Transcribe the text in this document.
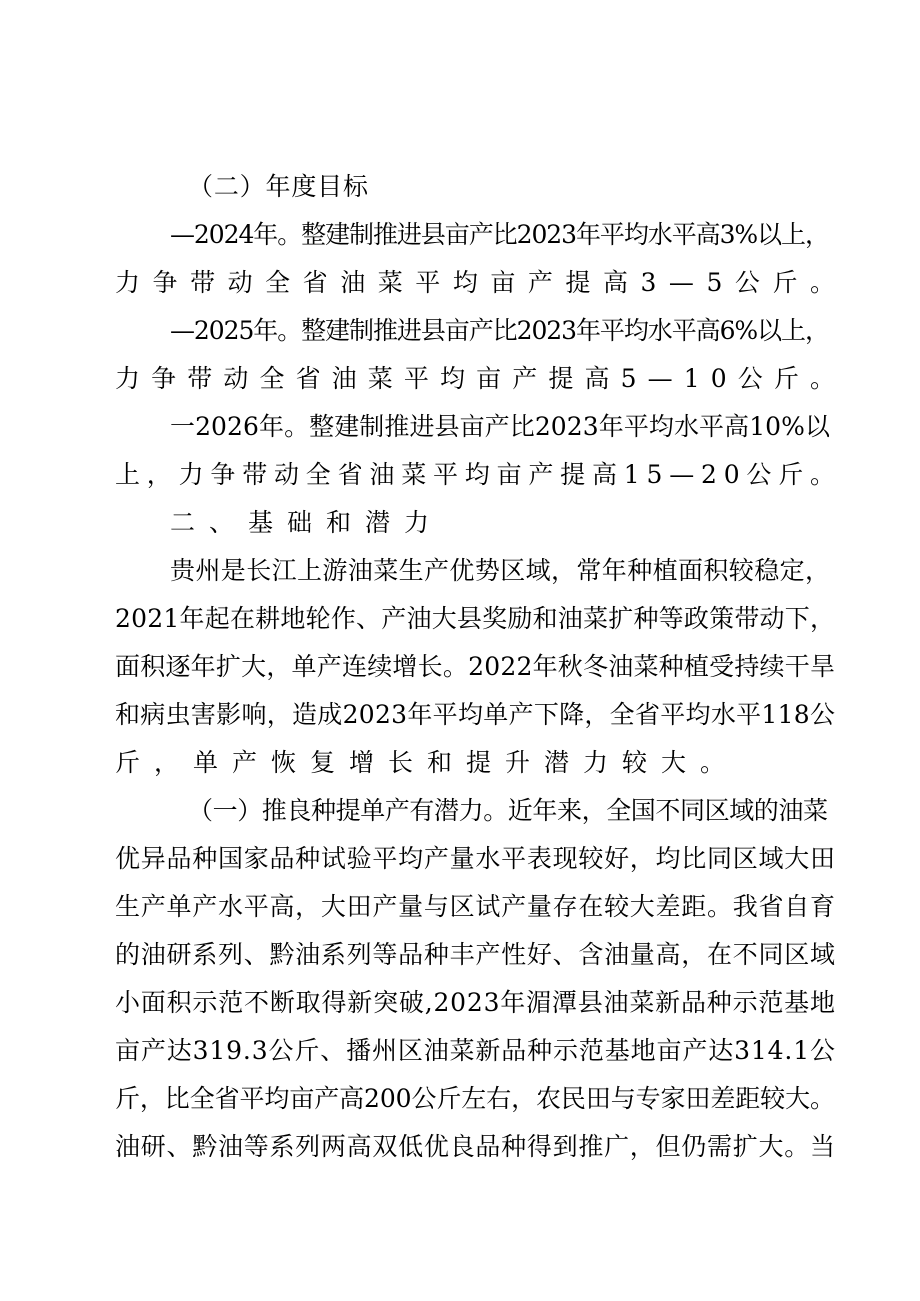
（二）年度目标
—2024年。整建制推进县亩产比2023年平均水平高3%以上，
力争带动全省油菜平均亩产提高3—5公斤。
—2025年。整建制推进县亩产比2023年平均水平高6%以上，
力争带动全省油菜平均亩产提高5—10公斤。
一2026年。整建制推进县亩产比2023年平均水平高10%以
上，力争带动全省油菜平均亩产提高15—20公斤。
二、基础和潜力
贵州是长江上游油菜生产优势区域，常年种植面积较稳定，
2021年起在耕地轮作、产油大县奖励和油菜扩种等政策带动下，
面积逐年扩大，单产连续增长。2022年秋冬油菜种植受持续干旱
和病虫害影响，造成2023年平均单产下降，全省平均水平118公
斤，单产恢复增长和提升潜力较大。
（一）推良种提单产有潜力。近年来，全国不同区域的油菜
优异品种国家品种试验平均产量水平表现较好，均比同区域大田
生产单产水平高，大田产量与区试产量存在较大差距。我省自育
的油研系列、黔油系列等品种丰产性好、含油量高，在不同区域
小面积示范不断取得新突破,2023年湄潭县油菜新品种示范基地
亩产达319.3公斤、播州区油菜新品种示范基地亩产达314.1公
斤，比全省平均亩产高200公斤左右，农民田与专家田差距较大。
油研、黔油等系列两高双低优良品种得到推广，但仍需扩大。当
